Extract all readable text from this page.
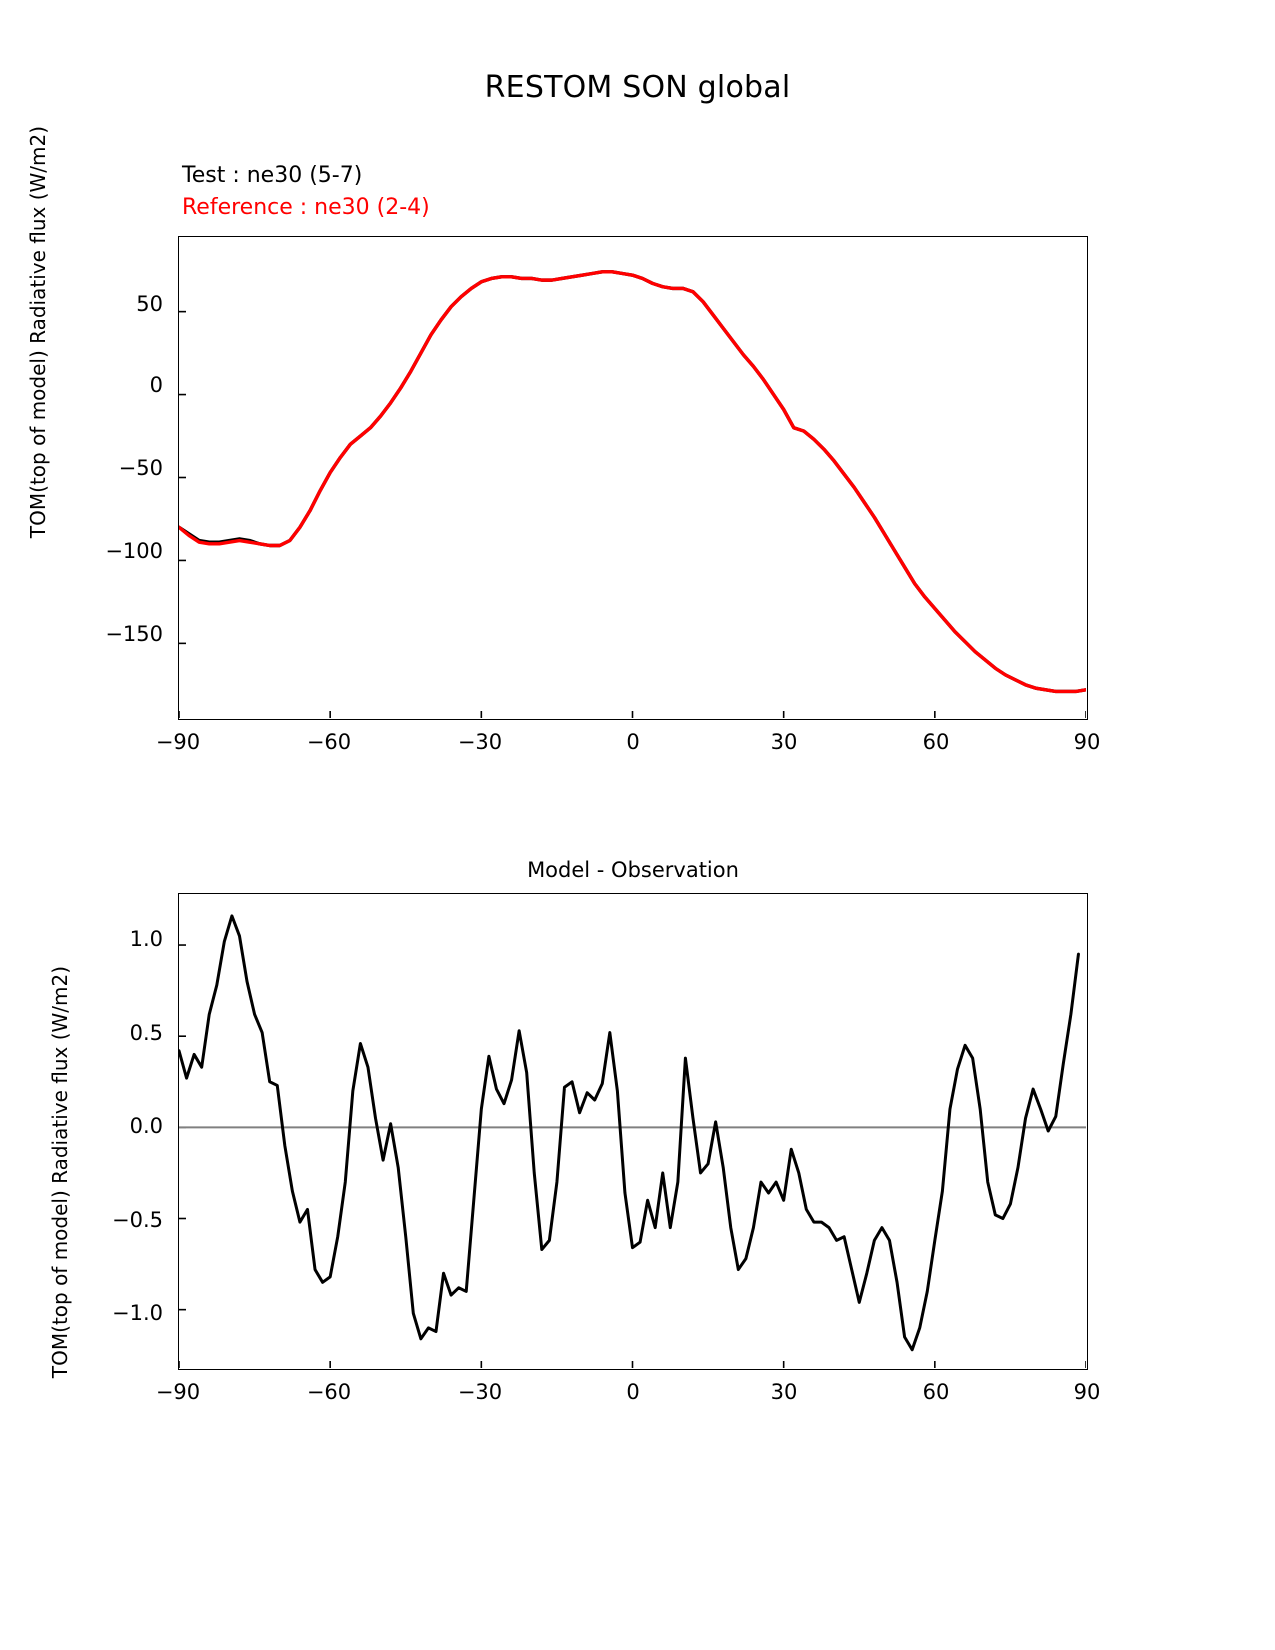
RESTOM SON global
Test : ne30 (5-7)
Reference : ne30 (2-4)
TOM(top of model) Radiative flux (W/m2)	50
0
−50
−100
−150
−90	−60	−30	0	30	60	90
Model - Observation
TOM(top of model) Radiative flux (W/m2)
1.0
0.5
0.0
−0.5
−1.0
−90	−60	−30	0	30	60	90
